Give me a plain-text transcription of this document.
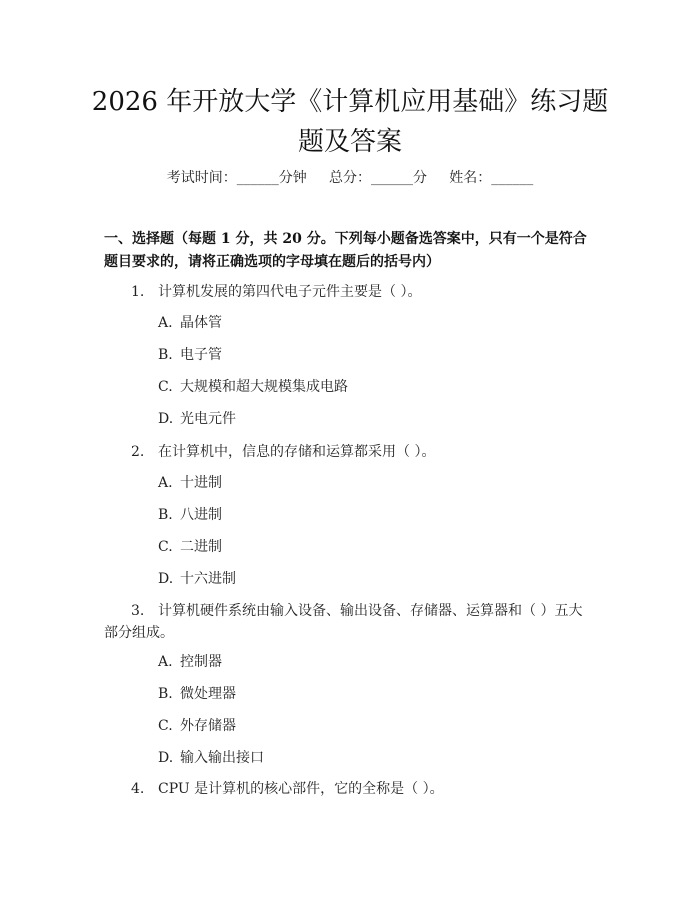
2026 年开放大学《计算机应用基础》练习题题及答案
考试时间：______分钟     总分：______分     姓名：______
一、选择题（每题 1 分，共 20 分。下列每小题备选答案中，只有一个是符合题目要求的，请将正确选项的字母填在题后的括号内）
1. 计算机发展的第四代电子元件主要是（ ）。
A. 晶体管
B. 电子管
C. 大规模和超大规模集成电路
D. 光电元件
2. 在计算机中，信息的存储和运算都采用（ ）。
A. 十进制
B. 八进制
C. 二进制
D. 十六进制
3. 计算机硬件系统由输入设备、输出设备、存储器、运算器和（ ）五大部分组成。
A. 控制器
B. 微处理器
C. 外存储器
D. 输入输出接口
4. CPU 是计算机的核心部件，它的全称是（ ）。
